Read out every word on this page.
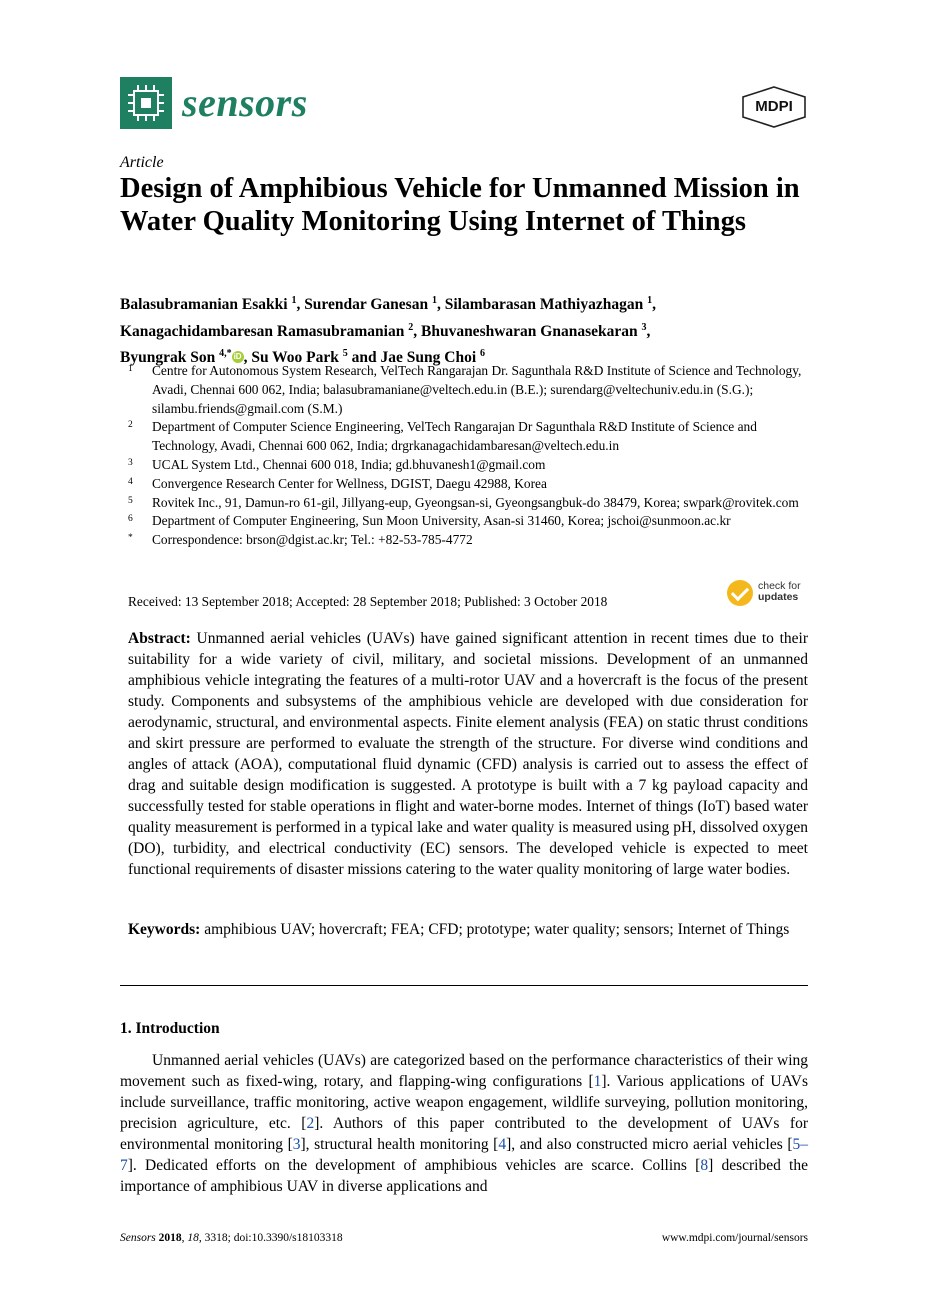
sensors	MDPI
Article
Design of Amphibious Vehicle for Unmanned Mission in Water Quality Monitoring Using Internet of Things
Balasubramanian Esakki $^1$, Surendar Ganesan $^1$, Silambarasan Mathiyazhagan $^1$,
Kanagachidambaresan Ramasubramanian $^2$, Bhuvaneshwaran Gnanasekaran $^3$,
Byungrak Son $^{4,*}$ iD , Su Woo Park $^5$ and Jae Sung Choi $^6$
1	Centre for Autonomous System Research, VelTech Rangarajan Dr. Sagunthala R&D Institute of Science and Technology, Avadi, Chennai 600 062, India; balasubramaniane@veltech.edu.in (B.E.); surendarg@veltechuniv.edu.in (S.G.); silambu.friends@gmail.com (S.M.)
2	Department of Computer Science Engineering, VelTech Rangarajan Dr Sagunthala R&D Institute of Science and Technology, Avadi, Chennai 600 062, India; drgrkanagachidambaresan@veltech.edu.in
3	UCAL System Ltd., Chennai 600 018, India; gd.bhuvanesh1@gmail.com
4	Convergence Research Center for Wellness, DGIST, Daegu 42988, Korea
5	Rovitek Inc., 91, Damun-ro 61-gil, Jillyang-eup, Gyeongsan-si, Gyeongsangbuk-do 38479, Korea; swpark@rovitek.com
6	Department of Computer Engineering, Sun Moon University, Asan-si 31460, Korea; jschoi@sunmoon.ac.kr
*	Correspondence: brson@dgist.ac.kr; Tel.: +82-53-785-4772
Received: 13 September 2018; Accepted: 28 September 2018; Published: 3 October 2018
check for
updates

Abstract: Unmanned aerial vehicles (UAVs) have gained significant attention in recent times due to their suitability for a wide variety of civil, military, and societal missions. Development of an unmanned amphibious vehicle integrating the features of a multi-rotor UAV and a hovercraft is the focus of the present study. Components and subsystems of the amphibious vehicle are developed with due consideration for aerodynamic, structural, and environmental aspects. Finite element analysis (FEA) on static thrust conditions and skirt pressure are performed to evaluate the strength of the structure. For diverse wind conditions and angles of attack (AOA), computational fluid dynamic (CFD) analysis is carried out to assess the effect of drag and suitable design modification is suggested. A prototype is built with a 7 kg payload capacity and successfully tested for stable operations in flight and water-borne modes. Internet of things (IoT) based water quality measurement is performed in a typical lake and water quality is measured using pH, dissolved oxygen (DO), turbidity, and electrical conductivity (EC) sensors. The developed vehicle is expected to meet functional requirements of disaster missions catering to the water quality monitoring of large water bodies.

Keywords: amphibious UAV; hovercraft; FEA; CFD; prototype; water quality; sensors; Internet of Things

1. Introduction

Unmanned aerial vehicles (UAVs) are categorized based on the performance characteristics of their wing movement such as fixed-wing, rotary, and flapping-wing configurations [1]. Various applications of UAVs include surveillance, traffic monitoring, active weapon engagement, wildlife surveying, pollution monitoring, precision agriculture, etc. [2]. Authors of this paper contributed to the development of UAVs for environmental monitoring [3], structural health monitoring [4], and also constructed micro aerial vehicles [5–7]. Dedicated efforts on the development of amphibious vehicles are scarce. Collins [8] described the importance of amphibious UAV in diverse applications and

Sensors 2018, 18, 3318; doi:10.3390/s18103318	www.mdpi.com/journal/sensors
